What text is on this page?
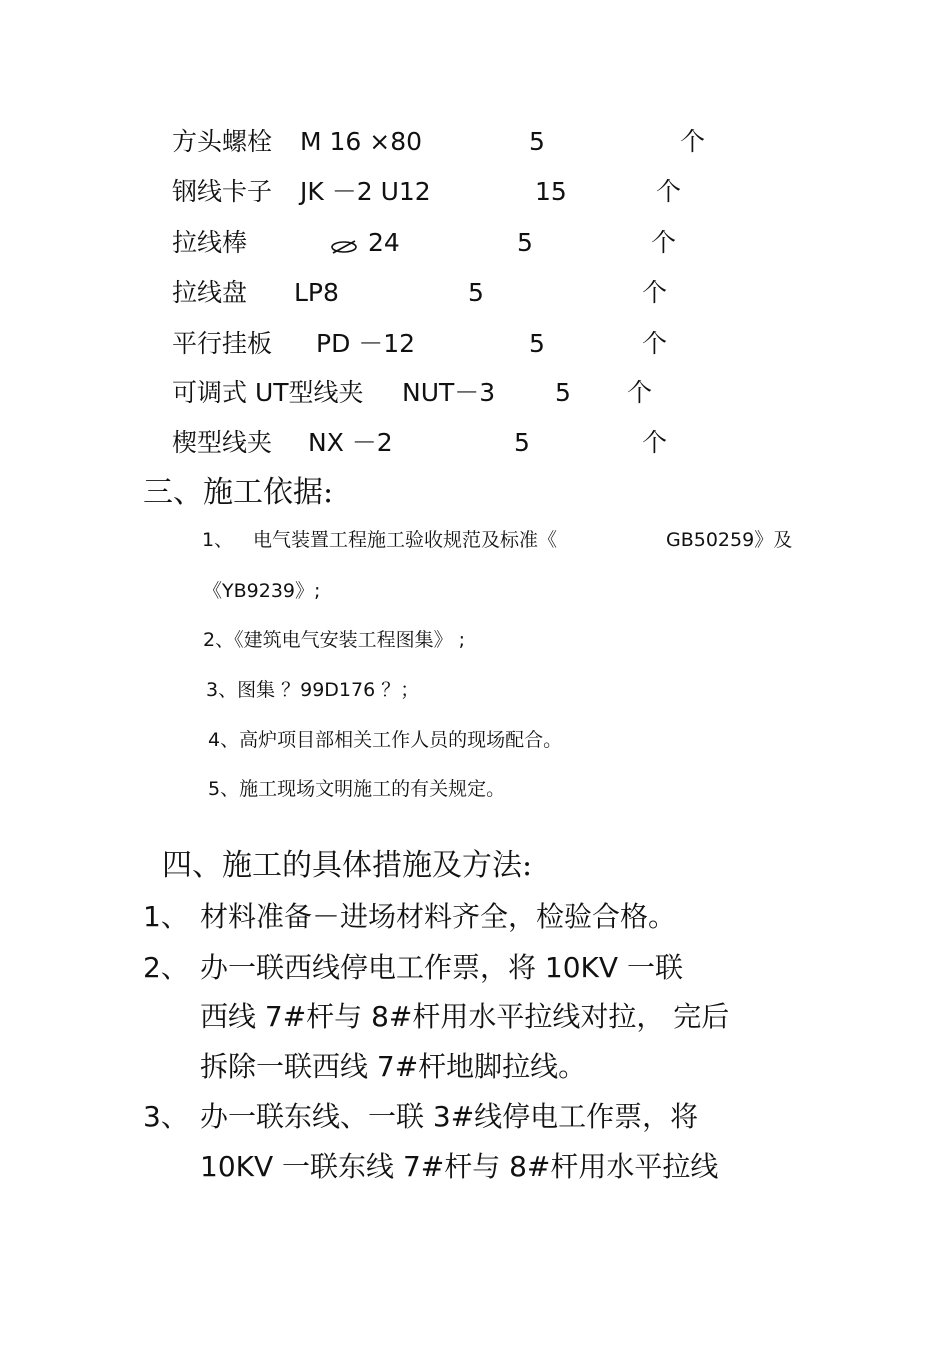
方头螺栓 M 16 ×80	5	个
钢线卡子 JK －2 U12	15	个
拉线棒	24	5	个
拉线盘 LP8	5	个
平行挂板 PD －12	5	个
可调式 UT型线夹 NUT－3 5 个
楔型线夹 NX －2	5	个
三、施工依据:
1、 电气装置工程施工验收规范及标准《	GB50259》及
《YB9239》;
2、《建筑电气安装工程图集》 ;
3、图集 ？99D176 ？；
4、高炉项目部相关工作人员的现场配合。
5、施工现场文明施工的有关规定。
四、施工的具体措施及方法:
1、 材料准备－进场材料齐全，检验合格。
2、 办一联西线停电工作票，将 10KV 一联
西线 7#杆与 8#杆用水平拉线对拉， 完后
拆除一联西线 7#杆地脚拉线。
3、 办一联东线、一联 3#线停电工作票，将
10KV 一联东线 7#杆与 8#杆用水平拉线
